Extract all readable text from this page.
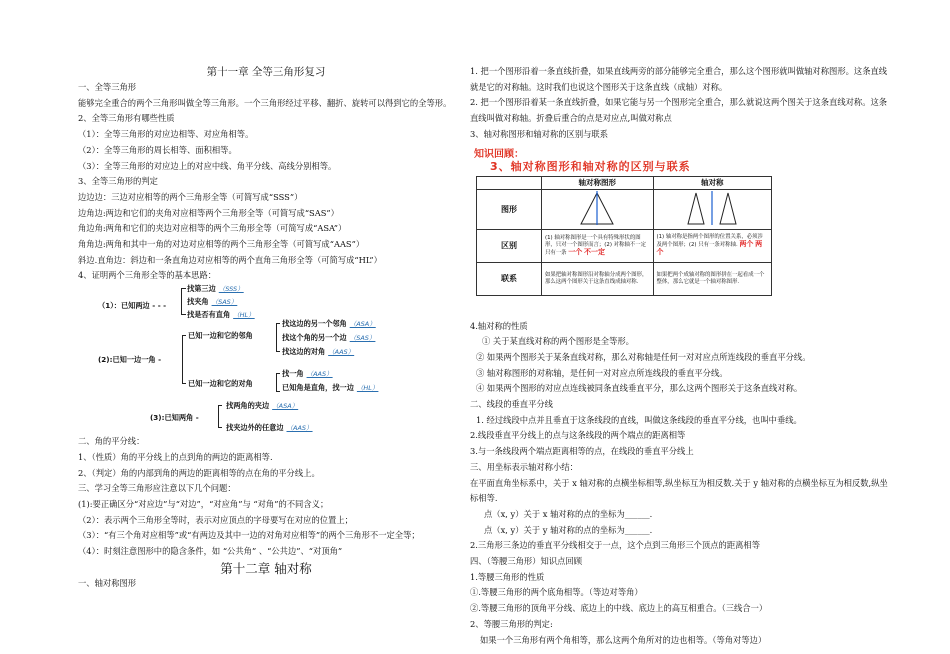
第十一章 全等三角形复习
一、全等三角形
能够完全重合的两个三角形叫做全等三角形。一个三角形经过平移、翻折、旋转可以得到它的全等形。
2、全等三角形有哪些性质
（1）：全等三角形的对应边相等、对应角相等。
（2）：全等三角形的周长相等、面积相等。
（3）：全等三角形的对应边上的对应中线、角平分线、高线分别相等。
3、全等三角形的判定
边边边：三边对应相等的两个三角形全等（可简写成“SSS”）
边角边:两边和它们的夹角对应相等两个三角形全等（可简写成“SAS”）
角边角:两角和它们的夹边对应相等的两个三角形全等（可简写成“ASA”）
角角边:两角和其中一角的对边对应相等的两个三角形全等（可简写成“AAS”）
斜边.直角边：斜边和一条直角边对应相等的两个直角三角形全等（可简写成“HL”）
4、证明两个三角形全等的基本思路：
（1）：已知两边 - - -
找第三边 （SSS）
找夹角 （SAS）
找是否有直角 （HL）
(2):已知一边一角 -
已知一边和它的邻角
找这边的另一个邻角 （ASA）
找这个角的另一个边 （SAS）
找这边的对角 （AAS）
已知一边和它的对角
找一角 （AAS）
已知角是直角，找一边 （HL）
(3):已知两角 -
找两角的夹边 （ASA）
找夹边外的任意边 （AAS）
二、角的平分线：
1、（性质）角的平分线上的点到角的两边的距离相等.
2、（判定）角的内部到角的两边的距离相等的点在角的平分线上。
三、学习全等三角形应注意以下几个问题：
(1):要正确区分“对应边”与“对边”，“对应角”与 “对角”的不同含义；
（2）：表示两个三角形全等时，表示对应顶点的字母要写在对应的位置上；
（3）：“有三个角对应相等”或“有两边及其中一边的对角对应相等”的两个三角形不一定全等；
（4）：时刻注意图形中的隐含条件，如 “公共角” 、“公共边”、“对顶角”
第十二章 轴对称
一、轴对称图形
1. 把一个图形沿着一条直线折叠，如果直线两旁的部分能够完全重合，那么这个图形就叫做轴对称图形。这条直线就是它的对称轴。这时我们也说这个图形关于这条直线（成轴）对称。
2. 把一个图形沿着某一条直线折叠，如果它能与另一个图形完全重合，那么就说这两个图关于这条直线对称。这条直线叫做对称轴。折叠后重合的点是对应点,叫做对称点
3、轴对称图形和轴对称的区别与联系
知识回顾：
3、轴对称图形和轴对称的区别与联系
	轴对称图形	轴对称
图形		
区别	(1) 轴对称图形是一个具有特殊形状的图形，只对一个图形而言；(2) 对称轴不一定只有一条 一个 不一定	(1) 轴对称是指两个图形的位置关系，必须涉及两个图形；(2) 只有一条对称轴. 两个 两个
联系	如果把轴对称图形沿对称轴分成两个图形，那么这两个图形关于这条直线成轴对称.	如果把两个成轴对称的图形拼在一起看成一个整体，那么它就是一个轴对称图形.
4.轴对称的性质
① 关于某直线对称的两个图形是全等形。
② 如果两个图形关于某条直线对称，那么对称轴是任何一对对应点所连线段的垂直平分线。
③ 轴对称图形的对称轴，是任何一对对应点所连线段的垂直平分线。
④ 如果两个图形的对应点连线被同条直线垂直平分，那么这两个图形关于这条直线对称。
二、线段的垂直平分线
1. 经过线段中点并且垂直于这条线段的直线，叫做这条线段的垂直平分线，也叫中垂线。
2.线段垂直平分线上的点与这条线段的两个端点的距离相等
3.与一条线段两个端点距离相等的点，在线段的垂直平分线上
三、用坐标表示轴对称小结：
在平面直角坐标系中，关于 x 轴对称的点横坐标相等,纵坐标互为相反数.关于 y 轴对称的点横坐标互为相反数,纵坐标相等.
点（x, y）关于 x 轴对称的点的坐标为______.
点（x, y）关于 y 轴对称的点的坐标为______.
2.三角形三条边的垂直平分线相交于一点，这个点到三角形三个顶点的距离相等
四、（等腰三角形）知识点回顾
1.等腰三角形的性质
①.等腰三角形的两个底角相等。（等边对等角）
②.等腰三角形的顶角平分线、底边上的中线、底边上的高互相重合。（三线合一）
2、等腰三角形的判定:
如果一个三角形有两个角相等，那么这两个角所对的边也相等。（等角对等边）
